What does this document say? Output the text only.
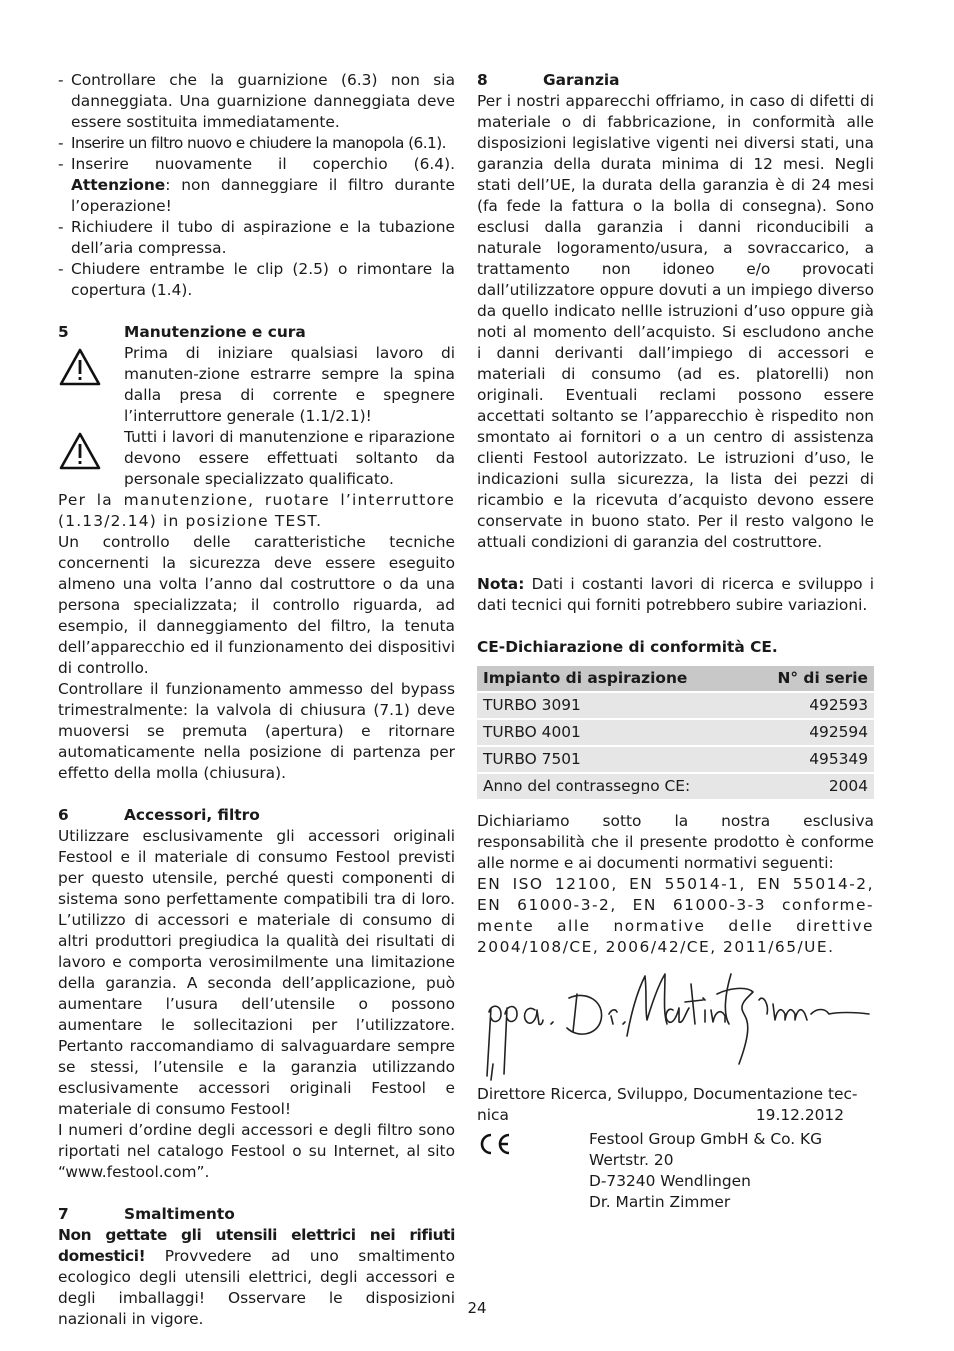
- Controllare che la guarnizione (6.3) non sia danneggiata. Una guarnizione danneggiata deve essere sostituita immediatamente.
- Inserire un filtro nuovo e chiudere la manopola (6.1).
- Inserire nuovamente il coperchio (6.4). Attenzione: non danneggiare il filtro durante l’operazione!
- Richiudere il tubo di aspirazione e la tubazione dell’aria compressa.
- Chiudere entrambe le clip (2.5) o rimontare la copertura (1.4).
5	Manutenzione e cura

Prima di iniziare qualsiasi lavoro di manuten-zione estrarre sempre la spina dalla presa di corrente e spegnere l’interruttore generale (1.1/2.1)!

Tutti i lavori di manutenzione e riparazione devono essere effettuati soltanto da personale specializzato qualificato.

Per la manutenzione, ruotare l’interruttore (1.13/2.14) in posizione TEST.

Un controllo delle caratteristiche tecniche concernenti la sicurezza deve essere eseguito almeno una volta l’anno dal costruttore o da una persona specializzata; il controllo riguarda, ad esempio, il danneggiamento del filtro, la tenuta dell’apparecchio ed il funzionamento dei dispositivi di controllo.

Controllare il funzionamento ammesso del bypass trimestralmente: la valvola di chiusura (7.1) deve muoversi se premuta (apertura) e ritornare automaticamente nella posizione di partenza per effetto della molla (chiusura).

6	Accessori, filtro

Utilizzare esclusivamente gli accessori originali Festool e il materiale di consumo Festool previsti per questo utensile, perché questi componenti di sistema sono perfettamente compatibili tra di loro. L’utilizzo di accessori e materiale di consumo di altri produttori pregiudica la qualità dei risultati di lavoro e comporta verosimilmente una limitazione della garanzia. A seconda dell’applicazione, può aumentare l’usura dell’utensile o possono aumentare le sollecitazioni per l’utilizzatore. Pertanto raccomandiamo di salvaguardare sempre se stessi, l’utensile e la garanzia utilizzando esclusivamente accessori originali Festool e materiale di consumo Festool!

I numeri d’ordine degli accessori e degli filtro sono riportati nel catalogo Festool o su Internet, al sito “www.festool.com”.

7	Smaltimento

Non gettate gli utensili elettrici nei rifiuti domestici! Provvedere ad uno smaltimento ecologico degli utensili elettrici, degli accessori e degli imballaggi! Osservare le disposizioni nazionali in vigore.

8	Garanzia

Per i nostri apparecchi offriamo, in caso di difetti di materiale o di fabbricazione, in conformità alle disposizioni legislative vigenti nei diversi stati, una garanzia della durata minima di 12 mesi. Negli stati dell’UE, la durata della garanzia è di 24 mesi (fa fede la fattura o la bolla di consegna). Sono esclusi dalla garanzia i danni riconducibili a naturale logoramento/usura, a sovraccarico, a trattamento non idoneo e/o provocati dall’utilizzatore oppure dovuti a un impiego diverso da quello indicato nellle istruzioni d’uso oppure già noti al momento dell’acquisto. Si escludono anche i danni derivanti dall’impiego di accessori e materiali di consumo (ad es. platorelli) non originali. Eventuali reclami possono essere accettati soltanto se l’apparecchio è rispedito non smontato ai fornitori o a un centro di assistenza clienti Festool autorizzato. Le istruzioni d’uso, le indicazioni sulla sicurezza, la lista dei pezzi di ricambio e la ricevuta d’acquisto devono essere conservate in buono stato. Per il resto valgono le attuali condizioni di garanzia del costruttore.

Nota: Dati i costanti lavori di ricerca e sviluppo i dati tecnici qui forniti potrebbero subire variazioni.

CE-Dichiarazione di conformità CE.

Impianto di aspirazione	N° di serie
TURBO 3091	492593
TURBO 4001	492594
TURBO 7501	495349
Anno del contrassegno CE:	2004

Dichiariamo sotto la nostra esclusiva responsabilità che il presente prodotto è conforme alle norme e ai documenti normativi seguenti:

EN ISO 12100, EN 55014-1, EN 55014-2, EN 61000-3-2, EN 61000-3-3 conforme-mente alle normative delle direttive 2004/108/CE, 2006/42/CE, 2011/65/UE.

Direttore Ricerca, Sviluppo, Documentazione tec-
nica	19.12.2012
Festool Group GmbH & Co. KG
Wertstr. 20
D-73240 Wendlingen
Dr. Martin Zimmer
24
